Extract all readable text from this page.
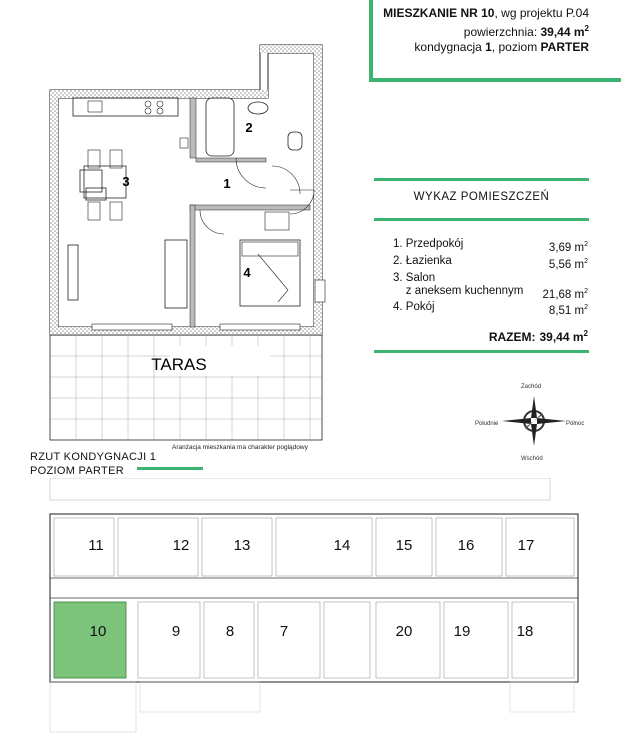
MIESZKANIE NR 10, wg projektu P.04
powierzchnia: 39,44 $m^2$
kondygnacja 1, poziom PARTER
WYKAZ POMIESZCZEŃ
1. Przedpokój	3,69 $m^2$
2. Łazienka	5,56 $m^2$
3. Salon
z aneksem kuchennym 21,68 $m^2$
4. Pokój	8,51 $m^2$
RAZEM: 39,44 $m^2$
Zachód
Południe	Północ
Wschód
1
2
3
4
TARAS
Aranżacja mieszkania ma charakter poglądowy
RZUT KONDYGNACJI 1
POZIOM PARTER
11	12	13	14	15	16	17
10	9	8	7	20	19	18
